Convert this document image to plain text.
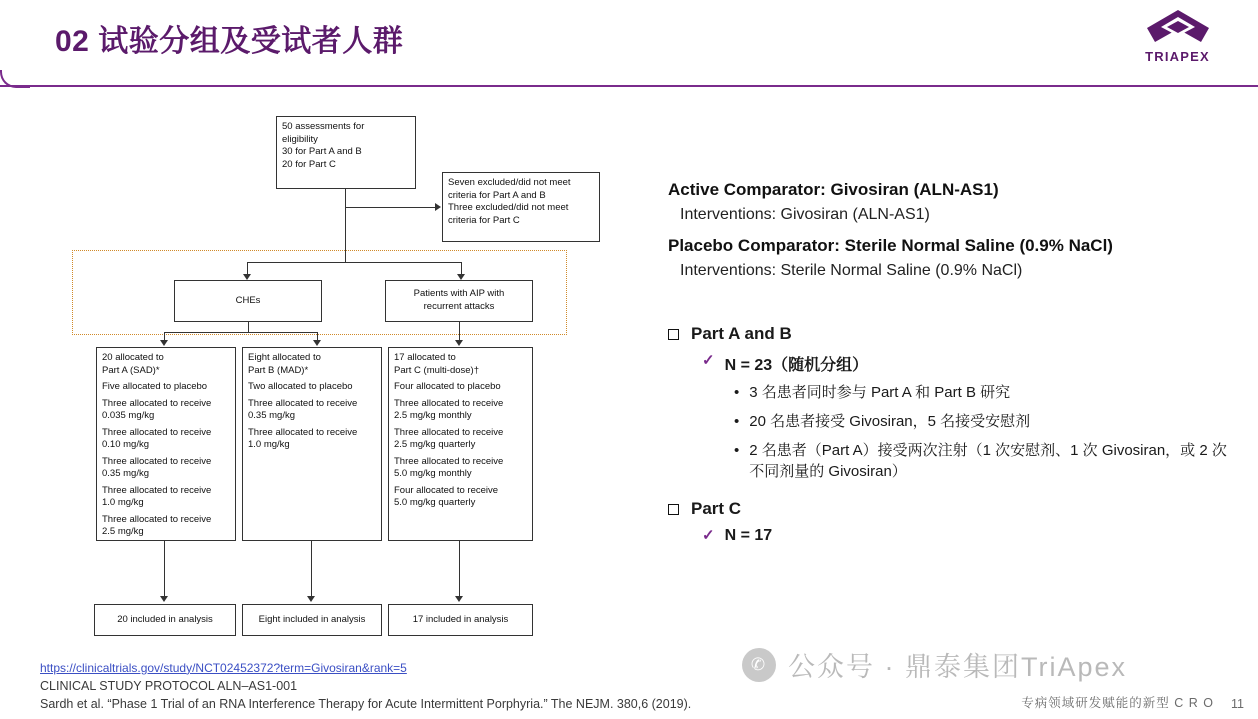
02 试验分组及受试者人群	TRIAPEX
50 assessments for
eligibility
30 for Part A and B
20 for Part C
Seven excluded/did not meet
criteria for Part A and B
Three excluded/did not meet
criteria for Part C
CHEs
Patients with AIP with
recurrent attacks
20 allocated to
Part A (SAD)*
Five allocated to placebo
Three allocated to receive
0.035 mg/kg
Three allocated to receive
0.10 mg/kg
Three allocated to receive
0.35 mg/kg
Three allocated to receive
1.0 mg/kg
Three allocated to receive
2.5 mg/kg
Eight allocated to
Part B (MAD)*
Two allocated to placebo
Three allocated to receive
0.35 mg/kg
Three allocated to receive
1.0 mg/kg
17 allocated to
Part C (multi-dose)†
Four allocated to placebo
Three allocated to receive
2.5 mg/kg monthly
Three allocated to receive
2.5 mg/kg quarterly
Three allocated to receive
5.0 mg/kg monthly
Four allocated to receive
5.0 mg/kg quarterly
20 included in analysis	Eight included in analysis	17 included in analysis
Active Comparator: Givosiran (ALN‑AS1)
Interventions: Givosiran (ALN‑AS1)
Placebo Comparator: Sterile Normal Saline (0.9% NaCl)
Interventions: Sterile Normal Saline (0.9% NaCl)
Part A and B
✓ N = 23（随机分组）
• 3 名患者同时参与 Part A 和 Part B 研究
• 20 名患者接受 Givosiran，5 名接受安慰剂
• 2 名患者（Part A）接受两次注射（1 次安慰剂、1 次 Givosiran，或 2 次不同剂量的 Givosiran）
Part C
✓ N = 17
https://clinicaltrials.gov/study/NCT02452372?term=Givosiran&rank=5
CLINICAL STUDY PROTOCOL ALN–AS1-001
Sardh et al. “Phase 1 Trial of an RNA Interference Therapy for Acute Intermittent Porphyria.” The NEJM. 380,6 (2019).
✆ 公众号 · 鼎泰集团TriApex
专病领域研发赋能的新型 C R O 11
